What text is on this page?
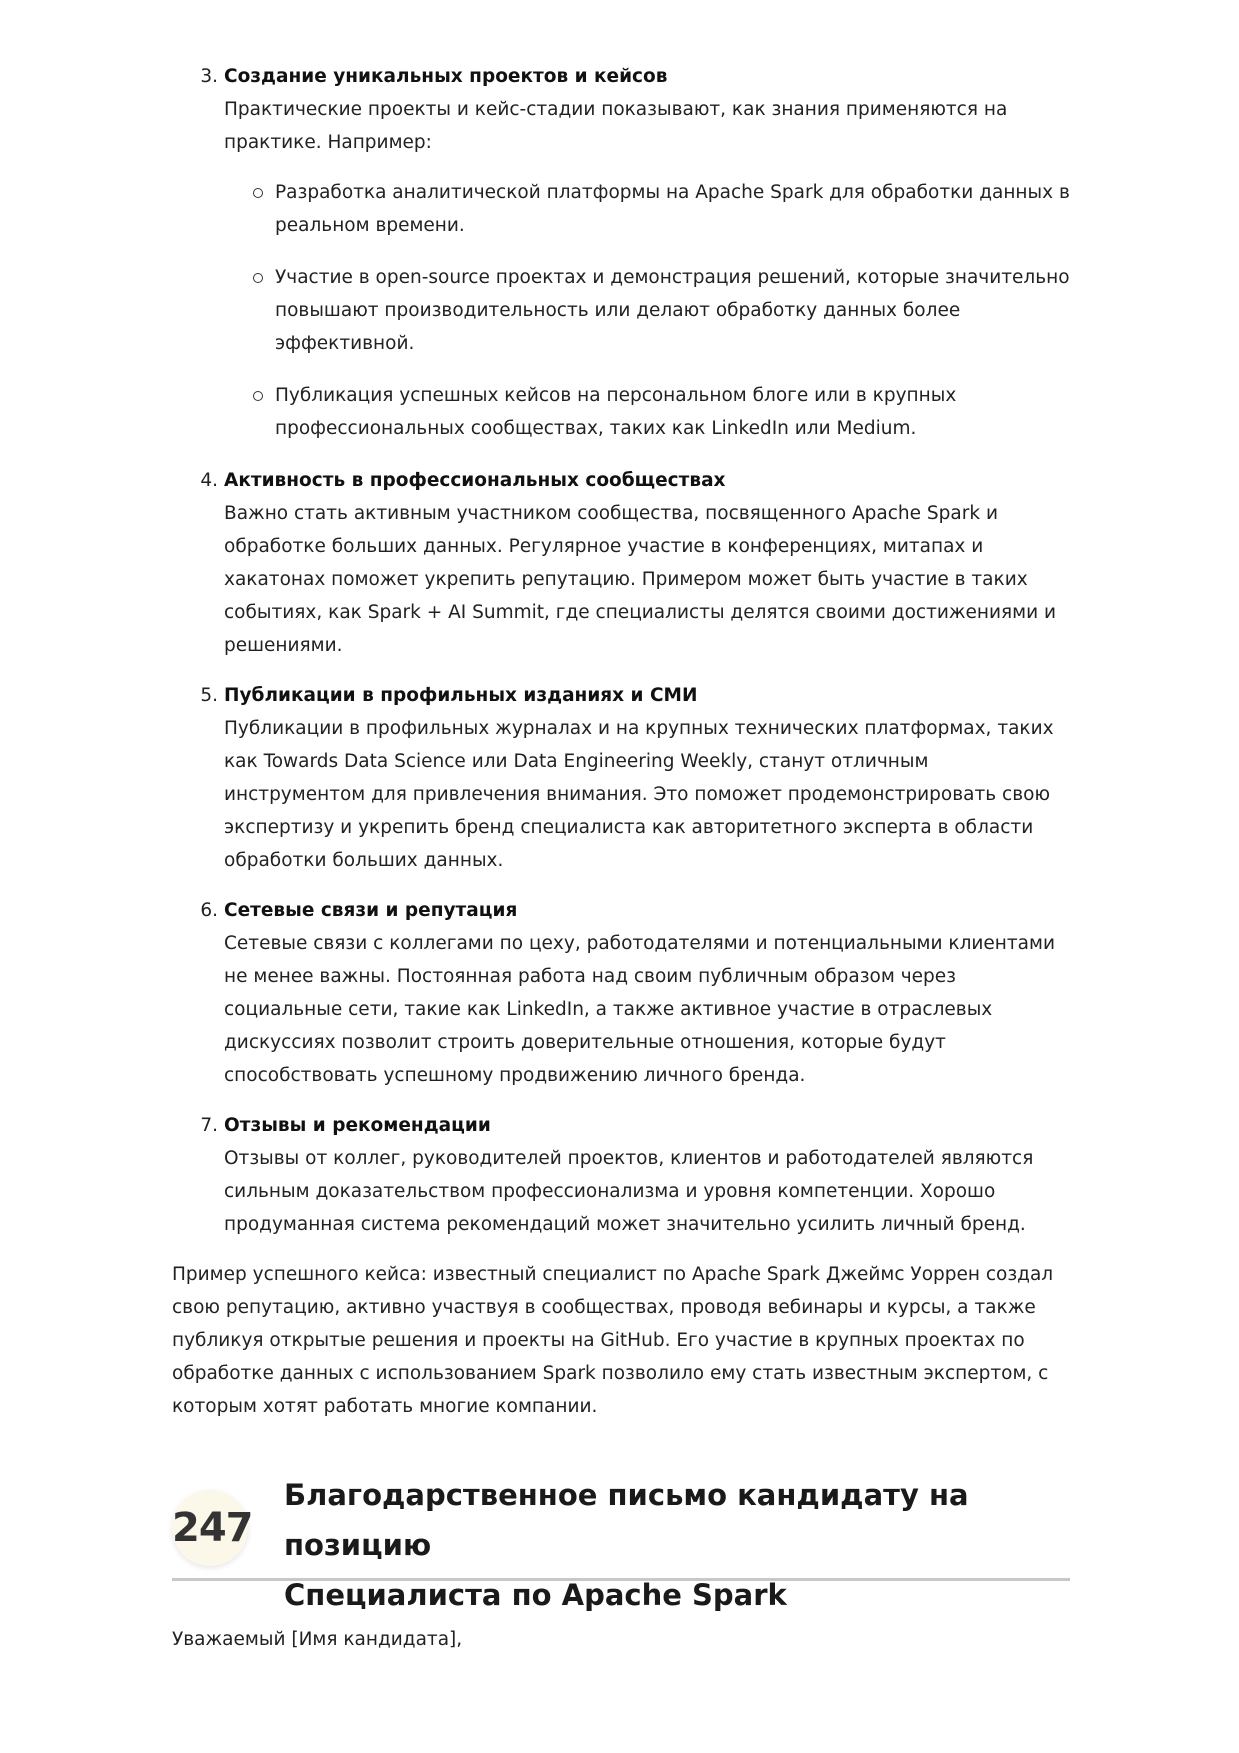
3. Создание уникальных проектов и кейсов
Практические проекты и кейс-стадии показывают, как знания применяются на практике. Например:
Разработка аналитической платформы на Apache Spark для обработки данных в реальном времени.
Участие в open-source проектах и демонстрация решений, которые значительно повышают производительность или делают обработку данных более эффективной.
Публикация успешных кейсов на персональном блоге или в крупных профессиональных сообществах, таких как LinkedIn или Medium.
4. Активность в профессиональных сообществах
Важно стать активным участником сообщества, посвященного Apache Spark и обработке больших данных. Регулярное участие в конференциях, митапах и хакатонах поможет укрепить репутацию. Примером может быть участие в таких событиях, как Spark + AI Summit, где специалисты делятся своими достижениями и решениями.
5. Публикации в профильных изданиях и СМИ
Публикации в профильных журналах и на крупных технических платформах, таких как Towards Data Science или Data Engineering Weekly, станут отличным инструментом для привлечения внимания. Это поможет продемонстрировать свою экспертизу и укрепить бренд специалиста как авторитетного эксперта в области обработки больших данных.
6. Сетевые связи и репутация
Сетевые связи с коллегами по цеху, работодателями и потенциальными клиентами не менее важны. Постоянная работа над своим публичным образом через социальные сети, такие как LinkedIn, а также активное участие в отраслевых дискуссиях позволит строить доверительные отношения, которые будут способствовать успешному продвижению личного бренда.
7. Отзывы и рекомендации
Отзывы от коллег, руководителей проектов, клиентов и работодателей являются сильным доказательством профессионализма и уровня компетенции. Хорошо продуманная система рекомендаций может значительно усилить личный бренд.

Пример успешного кейса: известный специалист по Apache Spark Джеймс Уоррен создал свою репутацию, активно участвуя в сообществах, проводя вебинары и курсы, а также публикуя открытые решения и проекты на GitHub. Его участие в крупных проектах по обработке данных с использованием Spark позволило ему стать известным экспертом, с которым хотят работать многие компании.

247
Благодарственное письмо кандидату на позицию
Специалиста по Apache Spark
Уважаемый [Имя кандидата],
